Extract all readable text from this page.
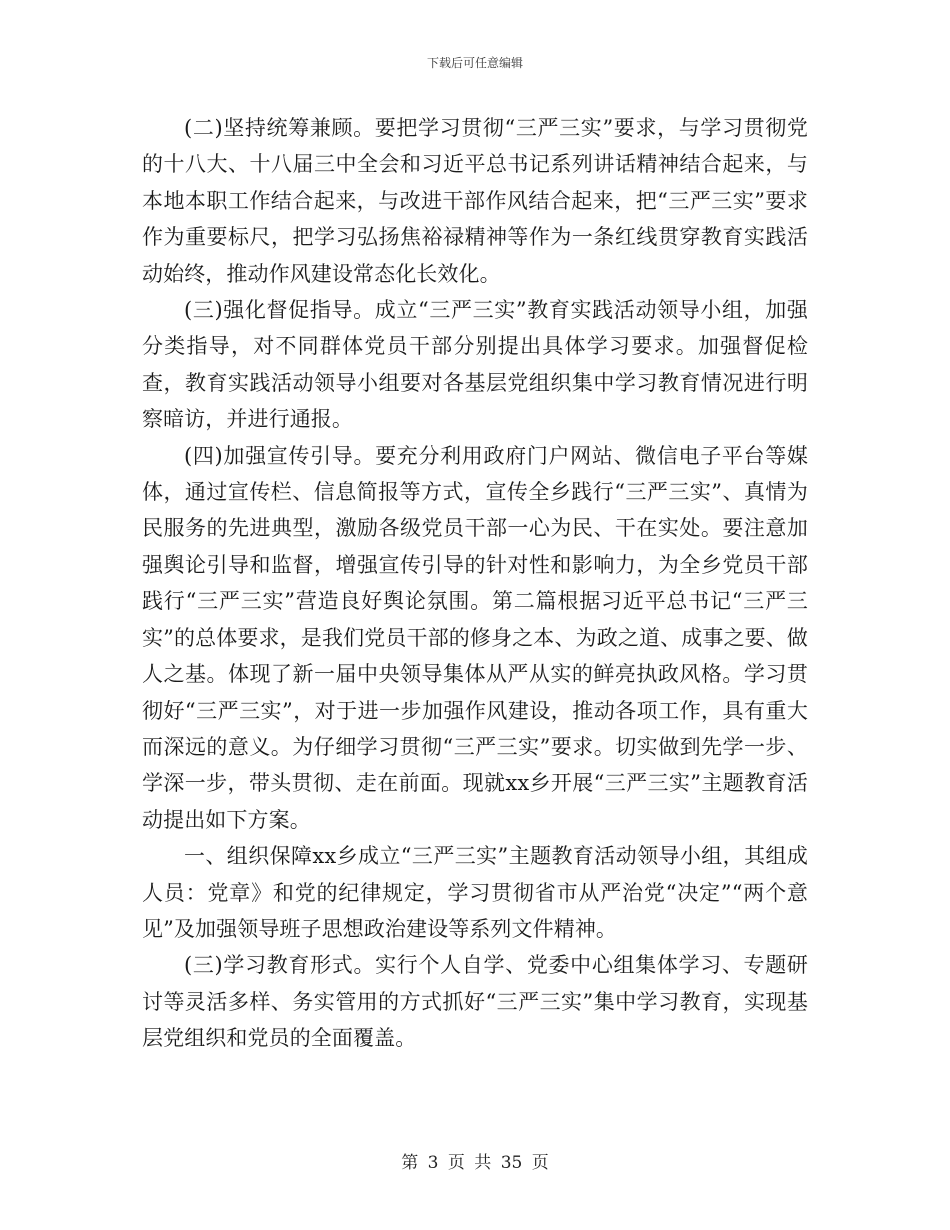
下载后可任意编辑

(二)坚持统筹兼顾。要把学习贯彻“三严三实”要求，与学习贯彻党的十八大、十八届三中全会和习近平总书记系列讲话精神结合起来，与本地本职工作结合起来，与改进干部作风结合起来，把“三严三实”要求作为重要标尺，把学习弘扬焦裕禄精神等作为一条红线贯穿教育实践活动始终，推动作风建设常态化长效化。

(三)强化督促指导。成立“三严三实”教育实践活动领导小组，加强分类指导，对不同群体党员干部分别提出具体学习要求。加强督促检查，教育实践活动领导小组要对各基层党组织集中学习教育情况进行明察暗访，并进行通报。

(四)加强宣传引导。要充分利用政府门户网站、微信电子平台等媒体，通过宣传栏、信息简报等方式，宣传全乡践行“三严三实”、真情为民服务的先进典型，激励各级党员干部一心为民、干在实处。要注意加强舆论引导和监督，增强宣传引导的针对性和影响力，为全乡党员干部践行“三严三实”营造良好舆论氛围。第二篇根据习近平总书记“三严三实”的总体要求，是我们党员干部的修身之本、为政之道、成事之要、做人之基。体现了新一届中央领导集体从严从实的鲜亮执政风格。学习贯彻好“三严三实”，对于进一步加强作风建设，推动各项工作，具有重大而深远的意义。为仔细学习贯彻“三严三实”要求。切实做到先学一步、学深一步，带头贯彻、走在前面。现就xx乡开展“三严三实”主题教育活动提出如下方案。

一、组织保障xx乡成立“三严三实”主题教育活动领导小组，其组成人员：党章》和党的纪律规定，学习贯彻省市从严治党“决定”“两个意见”及加强领导班子思想政治建设等系列文件精神。

(三)学习教育形式。实行个人自学、党委中心组集体学习、专题研讨等灵活多样、务实管用的方式抓好“三严三实”集中学习教育，实现基层党组织和党员的全面覆盖。

第 3 页 共 35 页
